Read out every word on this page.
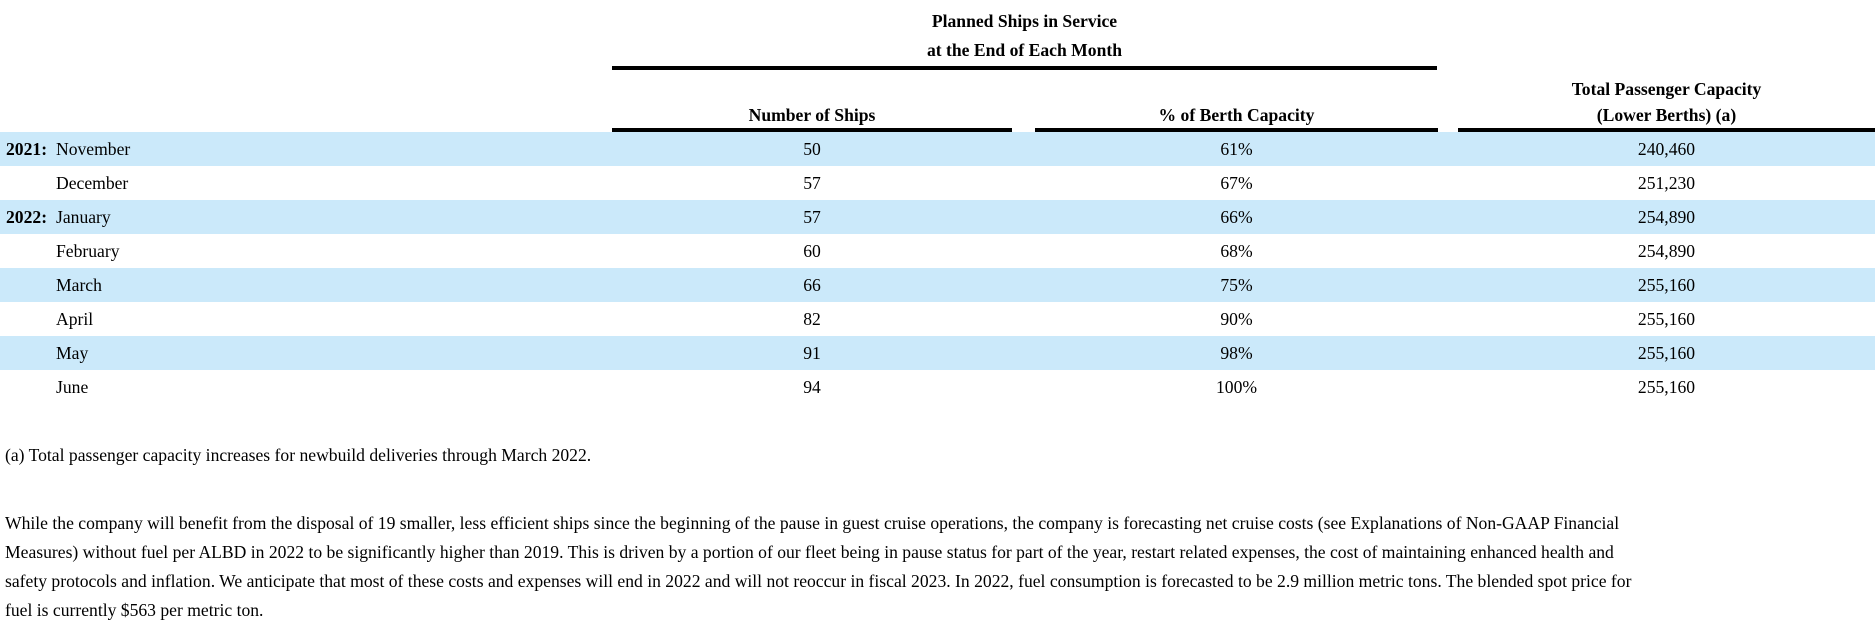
Planned Ships in Service
at the End of Each Month
Number of Ships	% of Berth Capacity
Total Passenger Capacity
(Lower Berths) (a)
2021: November	50	61%	240,460
December	57	67%	251,230
2022: January	57	66%	254,890
February	60	68%	254,890
March	66	75%	255,160
April	82	90%	255,160
May	91	98%	255,160
June	94	100%	255,160
(a) Total passenger capacity increases for newbuild deliveries through March 2022.
While the company will benefit from the disposal of 19 smaller, less efficient ships since the beginning of the pause in guest cruise operations, the company is forecasting net cruise costs (see Explanations of Non-GAAP Financial
Measures) without fuel per ALBD in 2022 to be significantly higher than 2019. This is driven by a portion of our fleet being in pause status for part of the year, restart related expenses, the cost of maintaining enhanced health and
safety protocols and inflation. We anticipate that most of these costs and expenses will end in 2022 and will not reoccur in fiscal 2023. In 2022, fuel consumption is forecasted to be 2.9 million metric tons. The blended spot price for
fuel is currently $563 per metric ton.
